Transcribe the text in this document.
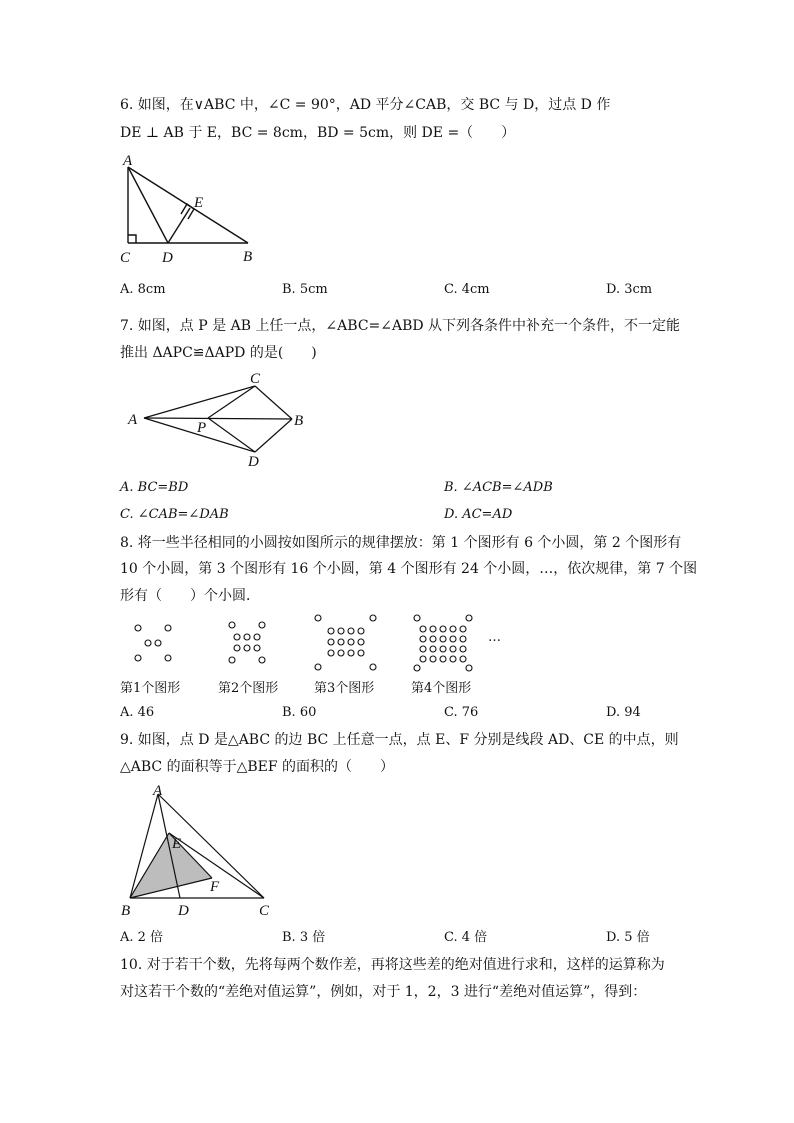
6. 如图，在∨ABC 中，∠C = 90°，AD 平分∠CAB，交 BC 与 D，过点 D 作
DE ⊥ AB 于 E，BC = 8cm，BD = 5cm，则 DE =（　　）
A
E
C D	B
A. 8cm	B. 5cm	C. 4cm	D. 3cm
7. 如图，点 P 是 AB 上任一点，∠ABC=∠ABD 从下列各条件中补充一个条件，不一定能
推出 ΔAPC≌ΔAPD 的是(　　)
A
C
B
P
D
A. BC=BD	B. ∠ACB=∠ADB
C. ∠CAB=∠DAB	D. AC=AD
8. 将一些半径相同的小圆按如图所示的规律摆放：第 1 个图形有 6 个小圆，第 2 个图形有
10 个小圆，第 3 个图形有 16 个小圆，第 4 个图形有 24 个小圆，…，依次规律，第 7 个图
形有（　　）个小圆．
…
第1个图形	第2个图形	第3个图形	第4个图形
A. 46	B. 60	C. 76	D. 94
9. 如图，点 D 是△ABC 的边 BC 上任意一点，点 E、F 分别是线段 AD、CE 的中点，则
△ABC 的面积等于△BEF 的面积的（　　）
A
E
F
B	D	C
A. 2 倍	B. 3 倍	C. 4 倍	D. 5 倍
10. 对于若干个数，先将每两个数作差，再将这些差的绝对值进行求和，这样的运算称为
对这若干个数的“差绝对值运算”，例如，对于 1，2，3 进行“差绝对值运算”，得到：
